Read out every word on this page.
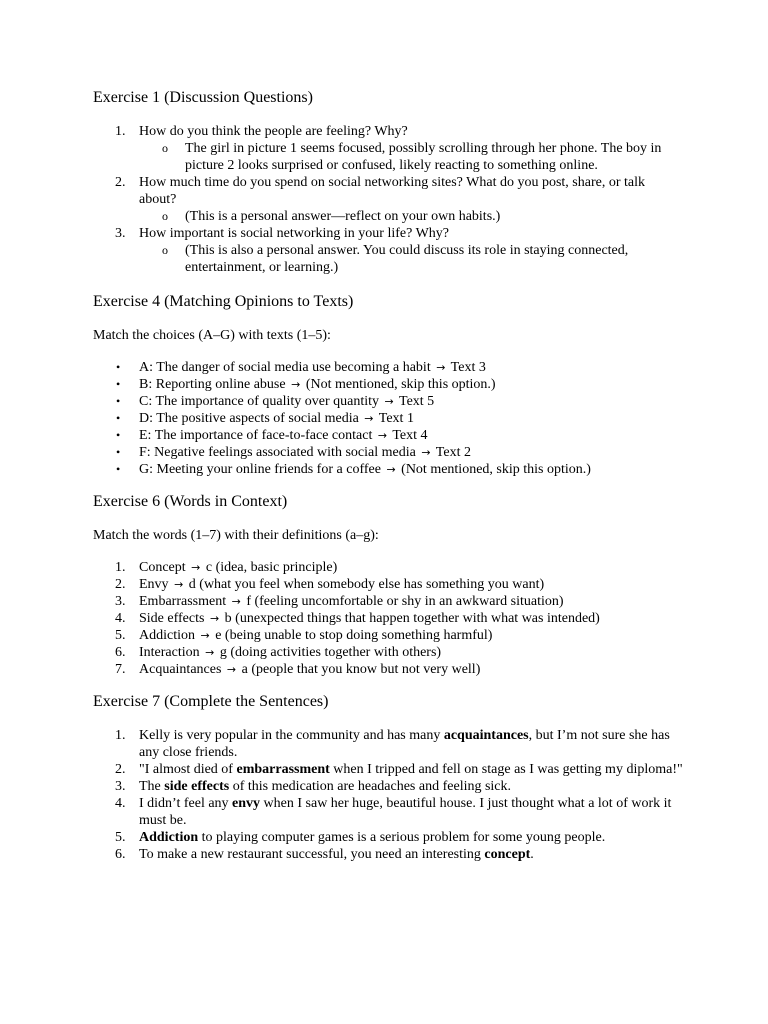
Exercise 1 (Discussion Questions)
1. How do you think the people are feeling? Why?
o The girl in picture 1 seems focused, possibly scrolling through her phone. The boy in picture 2 looks surprised or confused, likely reacting to something online.
2. How much time do you spend on social networking sites? What do you post, share, or talk about?
o (This is a personal answer—reflect on your own habits.)
3. How important is social networking in your life? Why?
o (This is also a personal answer. You could discuss its role in staying connected, entertainment, or learning.)
Exercise 4 (Matching Opinions to Texts)

Match the choices (A–G) with texts (1–5):

• A: The danger of social media use becoming a habit → Text 3
• B: Reporting online abuse → (Not mentioned, skip this option.)
• C: The importance of quality over quantity → Text 5
• D: The positive aspects of social media → Text 1
• E: The importance of face-to-face contact → Text 4
• F: Negative feelings associated with social media → Text 2
• G: Meeting your online friends for a coffee → (Not mentioned, skip this option.)
Exercise 6 (Words in Context)

Match the words (1–7) with their definitions (a–g):

1. Concept → c (idea, basic principle)
2. Envy → d (what you feel when somebody else has something you want)
3. Embarrassment → f (feeling uncomfortable or shy in an awkward situation)
4. Side effects → b (unexpected things that happen together with what was intended)
5. Addiction → e (being unable to stop doing something harmful)
6. Interaction → g (doing activities together with others)
7. Acquaintances → a (people that you know but not very well)
Exercise 7 (Complete the Sentences)
1. Kelly is very popular in the community and has many acquaintances, but I’m not sure she has any close friends.
2. "I almost died of embarrassment when I tripped and fell on stage as I was getting my diploma!"
3. The side effects of this medication are headaches and feeling sick.
4. I didn’t feel any envy when I saw her huge, beautiful house. I just thought what a lot of work it must be.
5. Addiction to playing computer games is a serious problem for some young people.
6. To make a new restaurant successful, you need an interesting concept.
